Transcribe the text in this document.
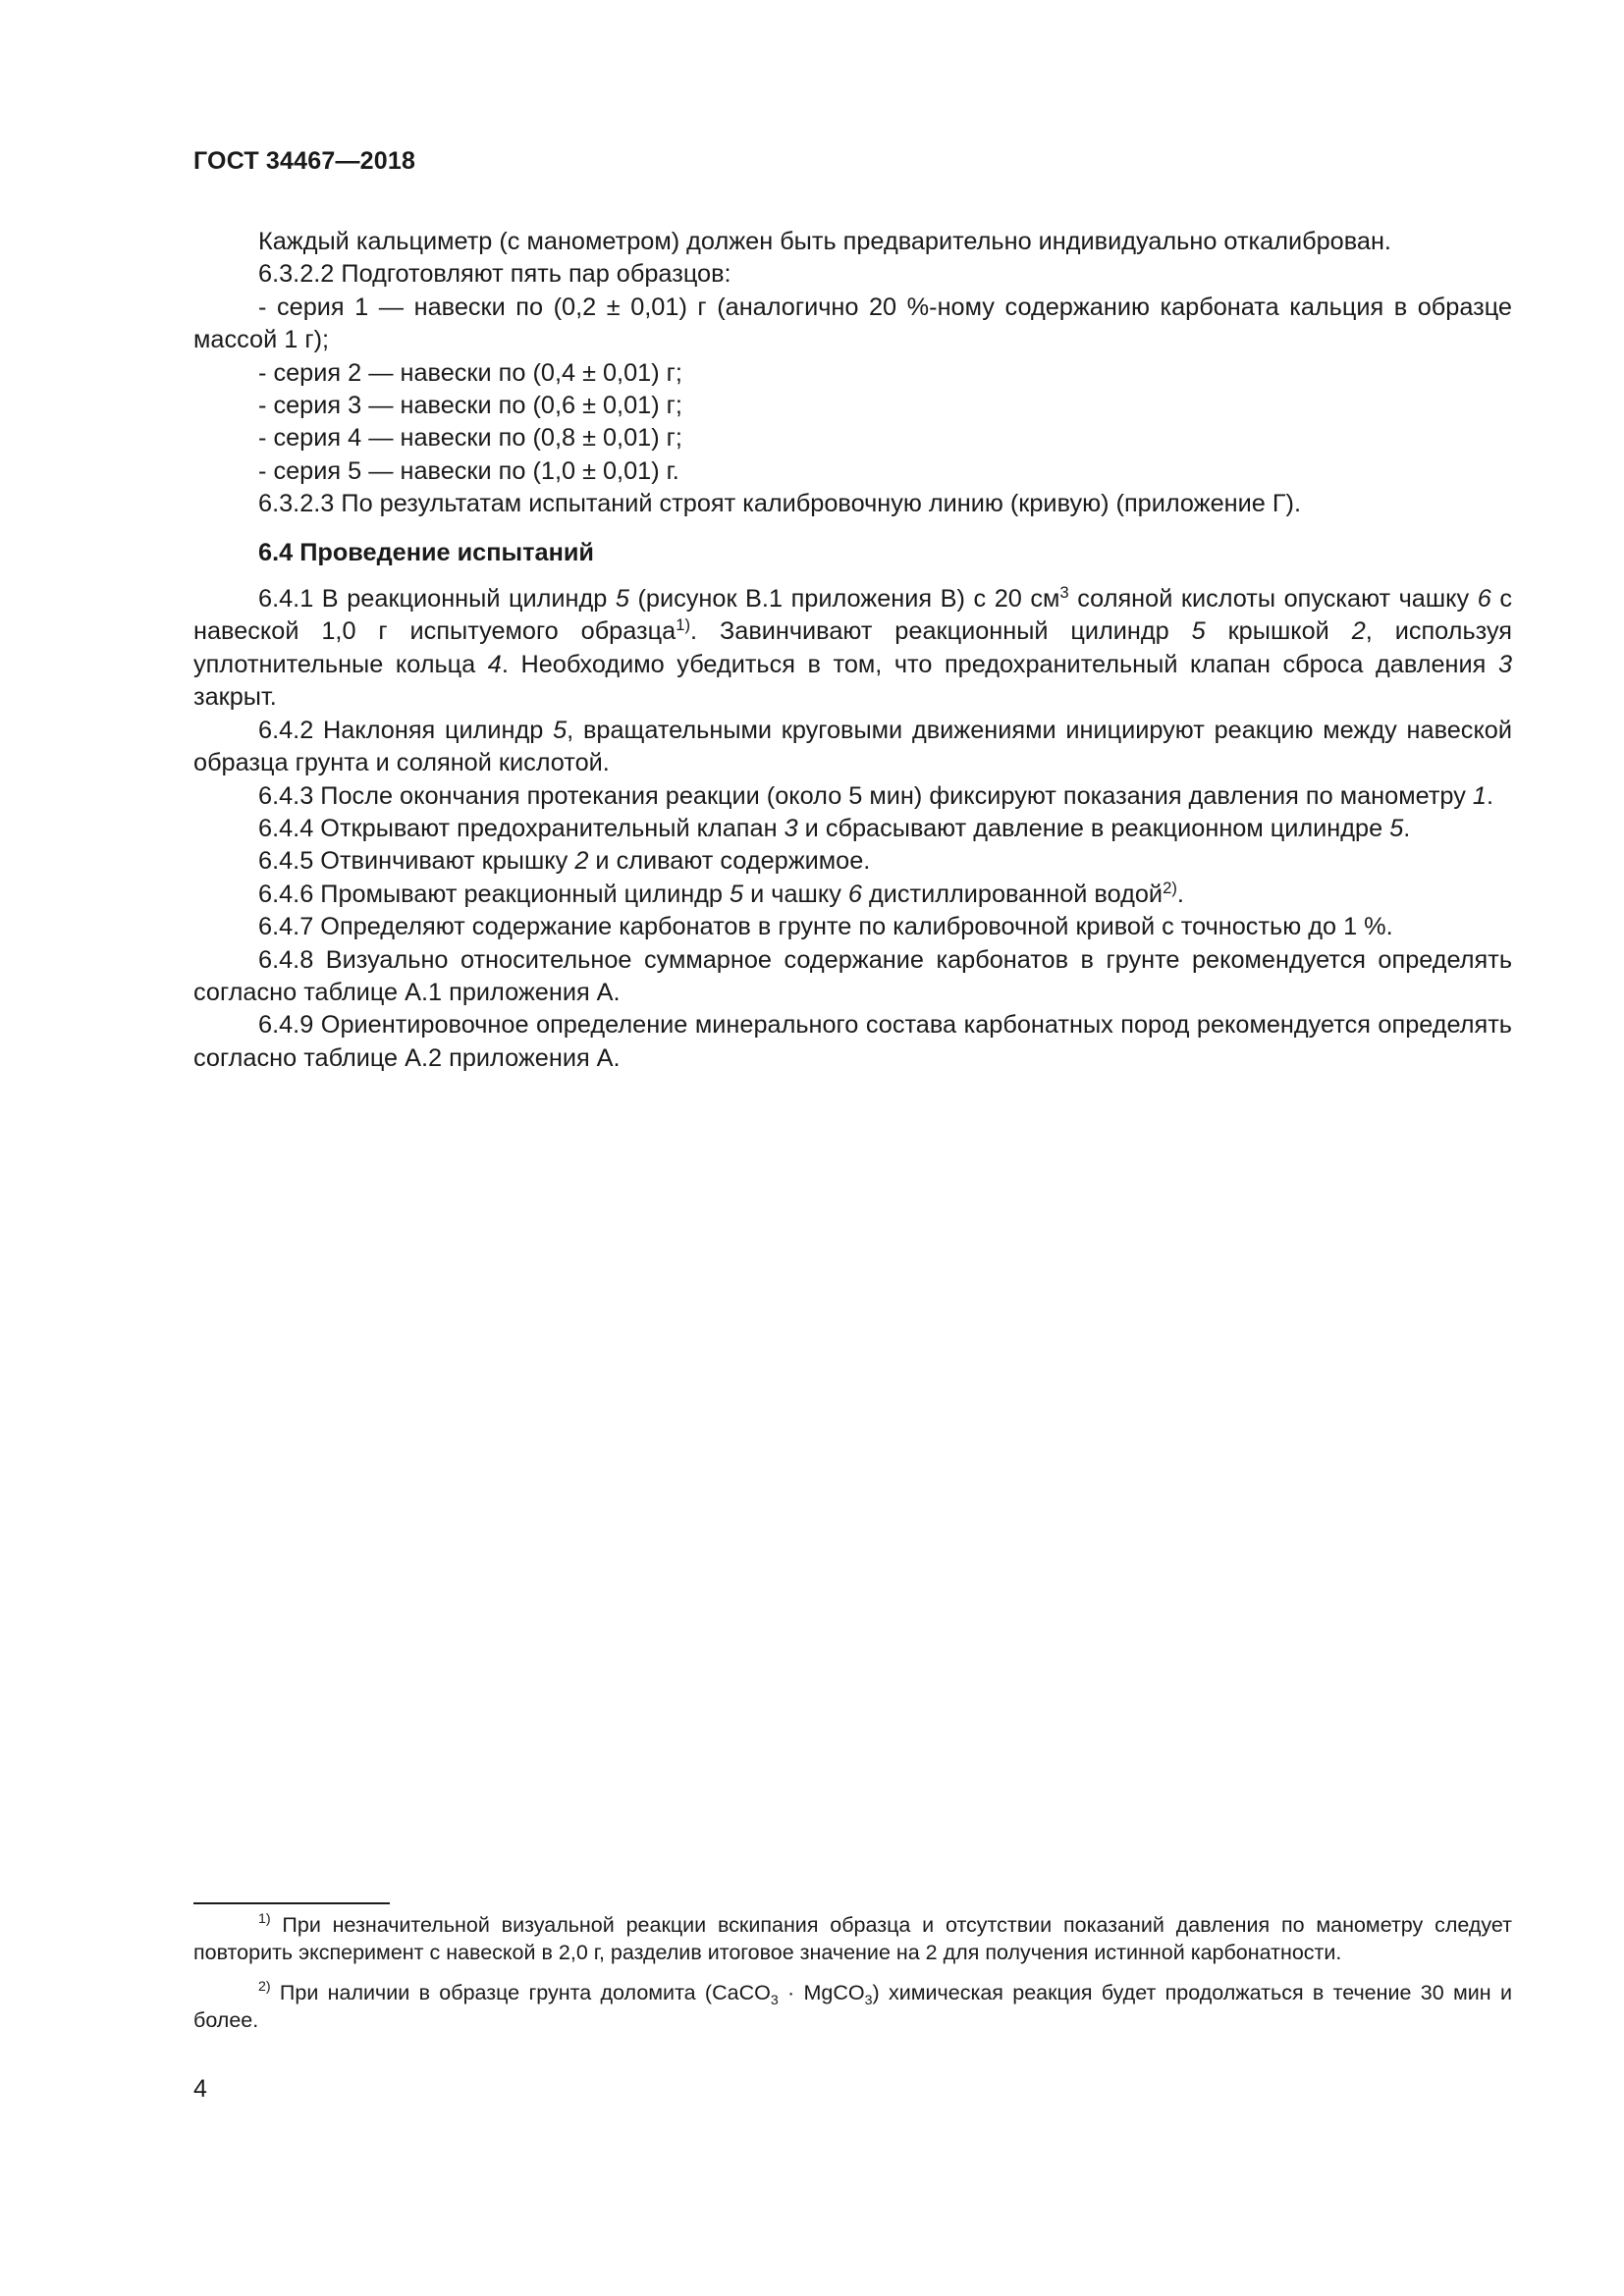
ГОСТ 34467—2018

Каждый кальциметр (с манометром) должен быть предварительно индивидуально откалиброван.

6.3.2.2 Подготовляют пять пар образцов:

- серия 1 — навески по (0,2 ± 0,01) г (аналогично 20 %-ному содержанию карбоната кальция в образце массой 1 г);

- серия 2 — навески по (0,4 ± 0,01) г;

- серия 3 — навески по (0,6 ± 0,01) г;

- серия 4 — навески по (0,8 ± 0,01) г;

- серия 5 — навески по (1,0 ± 0,01) г.

6.3.2.3 По результатам испытаний строят калибровочную линию (кривую) (приложение Г).

6.4 Проведение испытаний

6.4.1 В реакционный цилиндр 5 (рисунок В.1 приложения В) с 20 $см^3$ соляной кислоты опускают чашку 6 с навеской 1,0 г испытуемого образца$^{1)}$. Завинчивают реакционный цилиндр 5 крышкой 2, используя уплотнительные кольца 4. Необходимо убедиться в том, что предохранительный клапан сброса давления 3 закрыт.

6.4.2 Наклоняя цилиндр 5, вращательными круговыми движениями инициируют реакцию между навеской образца грунта и соляной кислотой.

6.4.3 После окончания протекания реакции (около 5 мин) фиксируют показания давления по манометру 1.

6.4.4 Открывают предохранительный клапан 3 и сбрасывают давление в реакционном цилиндре 5.

6.4.5 Отвинчивают крышку 2 и сливают содержимое.

6.4.6 Промывают реакционный цилиндр 5 и чашку 6 дистиллированной водой$^{2)}$.

6.4.7 Определяют содержание карбонатов в грунте по калибровочной кривой с точностью до 1 %.

6.4.8 Визуально относительное суммарное содержание карбонатов в грунте рекомендуется определять согласно таблице А.1 приложения А.

6.4.9 Ориентировочное определение минерального состава карбонатных пород рекомендуется определять согласно таблице А.2 приложения А.

$^{1)}$ При незначительной визуальной реакции вскипания образца и отсутствии показаний давления по манометру следует повторить эксперимент с навеской в 2,0 г, разделив итоговое значение на 2 для получения истинной карбонатности.

$^{2)}$ При наличии в образце грунта доломита (CaCO$_3$ · MgCO$_3$) химическая реакция будет продолжаться в течение 30 мин и более.

4
